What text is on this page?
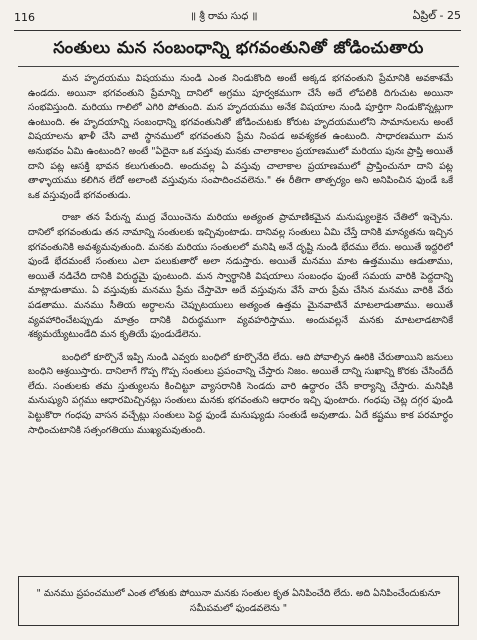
116	॥ శ్రీ రామ సుధ ॥	ఏప్రిల్ - 25
సంతులు మన సంబంధాన్ని భగవంతునితో జోడించుతారు

మన హృదయము విషయము నుండి ఎంత నిండుకొంది అంటే అక్కడ భగవంతుని ప్రేమానికి అవకాశమే ఉండదు. అయినా భగవంతుని ప్రేమాన్ని దానిలో అగ్రము పూర్వకముగా చేసే అదే లోపలికి దిగుచుట అయినా సంభవిస్తుంది. మరియు గాలిలో ఎగిరి పోతుంది. మన హృదయము అనేక విషయాల నుండి పూర్తిగా నిండుకొన్నట్లుగా ఉంటుంది. ఈ హృదయాన్ని సంబంధాన్ని భగవంతునితో జోడించుటకు కోరుట హృదయములోని సామానులను అంటే విషయాలను ఖాళీ చేసి వాటి స్థానములో భగవంతుని ప్రేమ నింపడ అవశ్యకత ఉంటుంది. సాధారణముగా మన అనుభవం ఏమి ఉంటుంది? అంటే "ఏదైనా ఒక వస్తువు మనకు చాలాకాలం ప్రయాణములో మరియు పునః ప్రాప్తి అయితే దాని పట్ల ఆసక్తి భావన కలుగుతుంది. అందువల్ల ఏ వస్తువు చాలాకాల ప్రయాణములో ప్రాప్తించునూ దాని పట్ల తాళ్ళాయము కలిగిన లేదో అలాంటి వస్తువును సంపాదించవలెను." ఈ రీతిగా తాత్పర్యం అని అనిపించిన ఫుండే ఒకే ఒక వస్తువుండే భగవంతుడు.

రాజా తన పేరున్న ముద్ర వేయించెను మరియు అత్యంత ప్రామాణికమైన మనుష్యులకైన చేతిలో ఇచ్చెను. దానిలో భగవంతుడు తన నామాన్ని సంతులకు ఇచ్చివుంటాడు. దానివల్ల సంతులు ఏమి చేస్తే దానికి మాన్యతను ఇచ్చిన భగవంతునికి అవశ్యమవుతుంది. మనకు మరియు సంతులలో మనిషి అనే దృష్టి నుండి భేదము లేదు. అయితే ఇద్దరిలో ఫుండే భేదమంటే సంతులు ఎలా పలుకుతారో అలా నడుస్తారు. అయితే మనము మాట ఉత్తముము ఆడుతాము, అయితే నడిచేది దానికి విరుద్ధమై ఫుంటుంది. మన స్వార్థానికి విషయాలు సంబంధం ఫుంటే సమయ వారికి పెద్దదాన్ని మాట్లాడుతాము. ఏ వస్తువుకు మనము ప్రేమ చేస్తామో అదే వస్తువును వేసే వారు ప్రేమ చేసిన మనము వారికి వేరు పడతాము. మనము సీతియ అర్ధాలను చెప్పుటయులు అత్యంత ఉత్తమ మైనవాటినే మాటలాడుతాము. అయితే వ్యవహారించేటప్పుడు మాత్రం దానికి విరుద్ధముగా వ్యవహరిస్తాము. అందువల్లనే మనకు మాటలాడటానికే శక్యమయ్యేటుండేది మన కృతియే ఫుండుడేలెను.

బంధిలో కూర్చొనే ఇప్పి నుండి ఎవ్వరు బంధిలో కూర్చొనేది లేదు. ఆది పోవాల్సిన ఊరికి చేరుతాయిని జనులు బంధిని ఆశ్రయిస్తారు. దానిలాగే గొప్ప గొప్ప సంతులు ప్రపంచాన్ని చేస్తారు నిజం. అయితే దాన్ని సుఖాన్ని కొరకు చేసిందేదీ లేదు. సంతులకు తమ స్తుత్యులను కించిట్టూ వ్యాసరానికి సెండదు వారి ఉద్ధారం చేసే కార్యాన్ని చేస్తారు. మనిషికి మనుష్యుని పగ్గము ఆధారమిచ్చినట్లు సంతులు మనకు భగవంతుని ఆధారం ఇచ్చి ఫుంటారు. గంధపు చెట్ల దగ్గర ఫుండి పెట్టుకొరా గంధపు వాసన వచ్చేట్లు సంతులు పెద్ద ఫుండే మనుష్యుడు సంతుడే అవుతాడు. ఏదే కష్టము కాక పరమార్ధం సాధించుటానికి సత్సంగతియు ముఖ్యమవుతుంది.

" మనము ప్రపంచములో ఎంత లోతుకు పోయినా మనకు సంతుల కృత ఏనిపించేది లేదు. అది ఏనిపించేందుకునూ సమీపమలో ఫుండవలెను "
